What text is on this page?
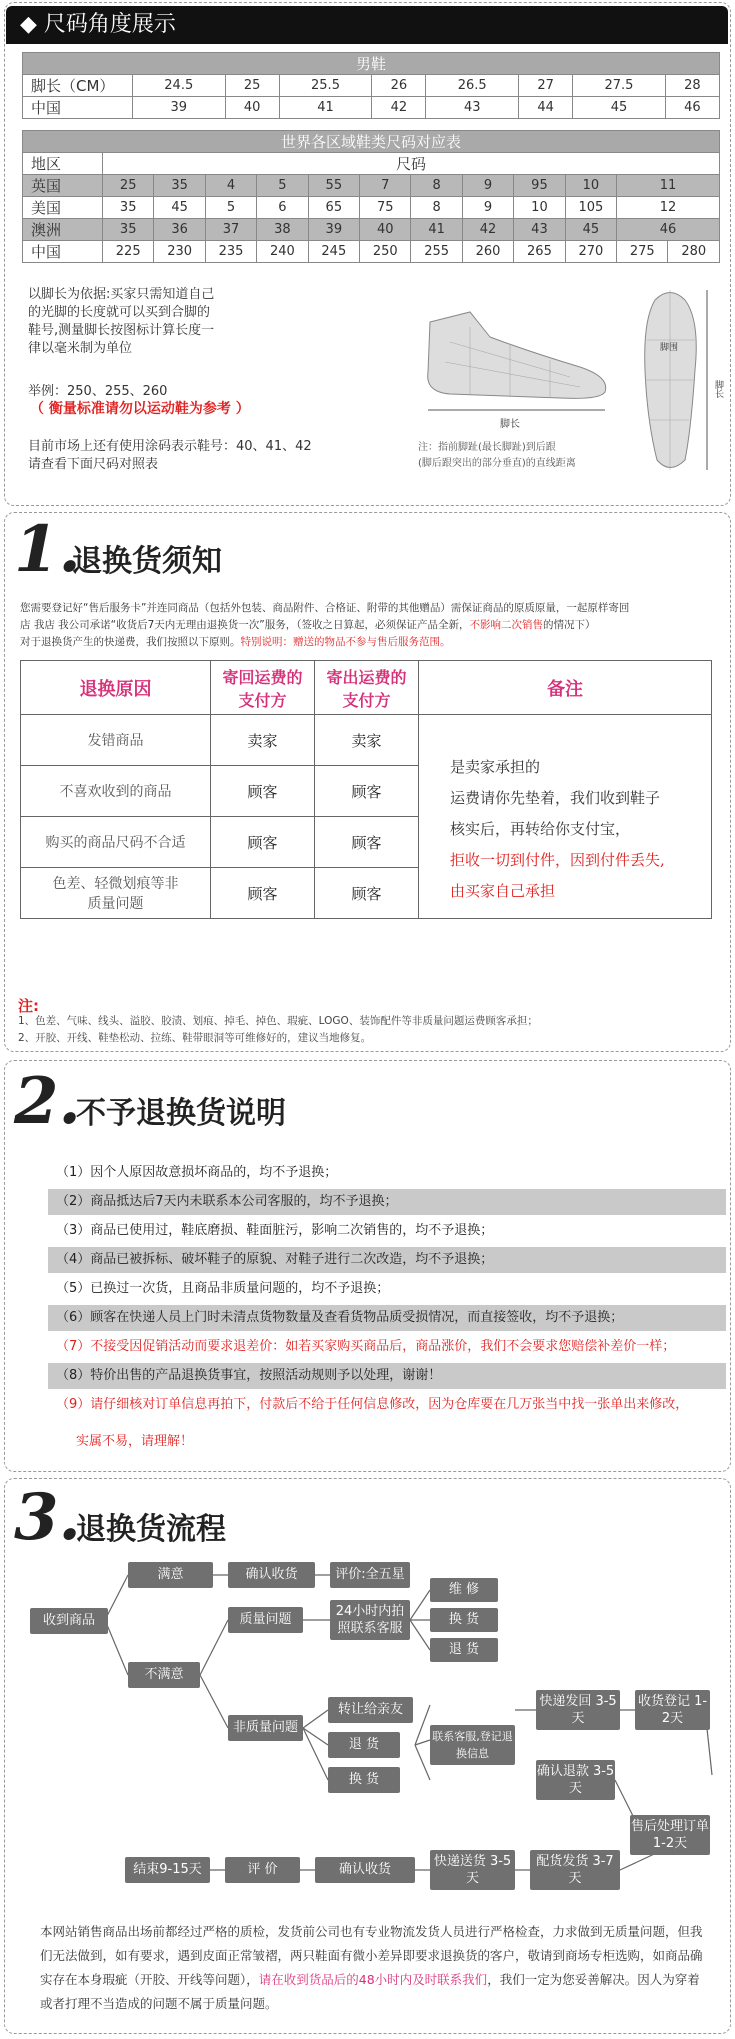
◆ 尺码角度展示
男鞋								
脚长（CM）	24.5	25	25.5	26	26.5	27	27.5	28
中国	39	40	41	42	43	44	45	46
世界各区域鞋类尺码对应表												
地区	尺码											
英国	25	35	4	5	55	7	8	9	95	10	11	
美国	35	45	5	6	65	75	8	9	10	105	12	
澳洲	35	36	37	38	39	40	41	42	43	45	46	
中国	225	230	235	240	245	250	255	260	265	270	275	280
以脚长为依据:买家只需知道自己
的光脚的长度就可以买到合脚的
鞋号,测量脚长按图标计算长度一
律以毫米制为单位
举例：250、255、260
（ 衡量标准请勿以运动鞋为参考 ）
目前市场上还有使用涂码表示鞋号：40、41、42
请查看下面尺码对照表
脚长
注：指前脚趾(最长脚趾)到后跟
(脚后跟突出的部分垂直)的直线距离
脚围
脚长
1.
退换货须知
您需要登记好“售后服务卡”并连同商品（包括外包装、商品附件、合格证、附带的其他赠品）需保证商品的原质原量，一起原样寄回
店 我店 我公司承诺“收货后7天内无理由退换货一次”服务，（签收之日算起，必须保证产品全新，不影响二次销售的情况下）
对于退换货产生的快递费，我们按照以下原则。特别说明：赠送的物品不参与售后服务范围。
退换原因	寄回运费的支付方	寄出运费的支付方	备注
发错商品	卖家	卖家	
不喜欢收到的商品	顾客	顾客	
购买的商品尺码不合适	顾客	顾客	
色差、轻微划痕等非质量问题	顾客	顾客	
是卖家承担的
运费请你先垫着，我们收到鞋子
核实后，再转给你支付宝，
拒收一切到付件，因到付件丢失,
由买家自己承担
注:
1、色差、气味、线头、溢胶、胶渍、划痕、掉毛、掉色、瑕疵、LOGO、装饰配件等非质量问题运费顾客承担；
2、开胶、开线、鞋垫松动、拉练、鞋带眼洞等可维修好的，建议当地修复。
2.
不予退换货说明
（1）因个人原因故意损坏商品的，均不予退换；
（2）商品抵达后7天内未联系本公司客服的，均不予退换；
（3）商品已使用过，鞋底磨损、鞋面脏污，影响二次销售的，均不予退换；
（4）商品已被拆标、破坏鞋子的原貌、对鞋子进行二次改造，均不予退换；
（5）已换过一次货，且商品非质量问题的，均不予退换；
（6）顾客在快递人员上门时未清点货物数量及查看货物品质受损情况，而直接签收，均不予退换；
（7）不接受因促销活动而要求退差价：如若买家购买商品后，商品涨价，我们不会要求您赔偿补差价一样；
（8）特价出售的产品退换货事宜，按照活动规则予以处理，谢谢！
（9）请仔细核对订单信息再拍下，付款后不给于任何信息修改，因为仓库要在几万张当中找一张单出来修改，
实属不易，请理解！
3.
退换货流程
收到商品
满意	确认收货	评价:全五星
不满意
质量问题
24小时内拍照联系客服
维 修
换 货
退 货
非质量问题
转让给亲友
退 货
换 货
联系客服,登记退换信息
快递发回 3-5天
收货登记 1-2天
确认退款 3-5天
售后处理订单1-2天
配货发货 3-7天
快递送货 3-5天
确认收货
评 价
结束9-15天
本网站销售商品出场前都经过严格的质检，发货前公司也有专业物流发货人员进行严格检查，力求做到无质量问题，但我们无法做到，如有要求，遇到皮面正常皱褶，两只鞋面有微小差异即要求退换货的客户，敬请到商场专柜选购，如商品确实存在本身瑕疵（开胶、开线等问题），请在收到货品后的48小时内及时联系我们，我们一定为您妥善解决。因人为穿着或者打理不当造成的问题不属于质量问题。
